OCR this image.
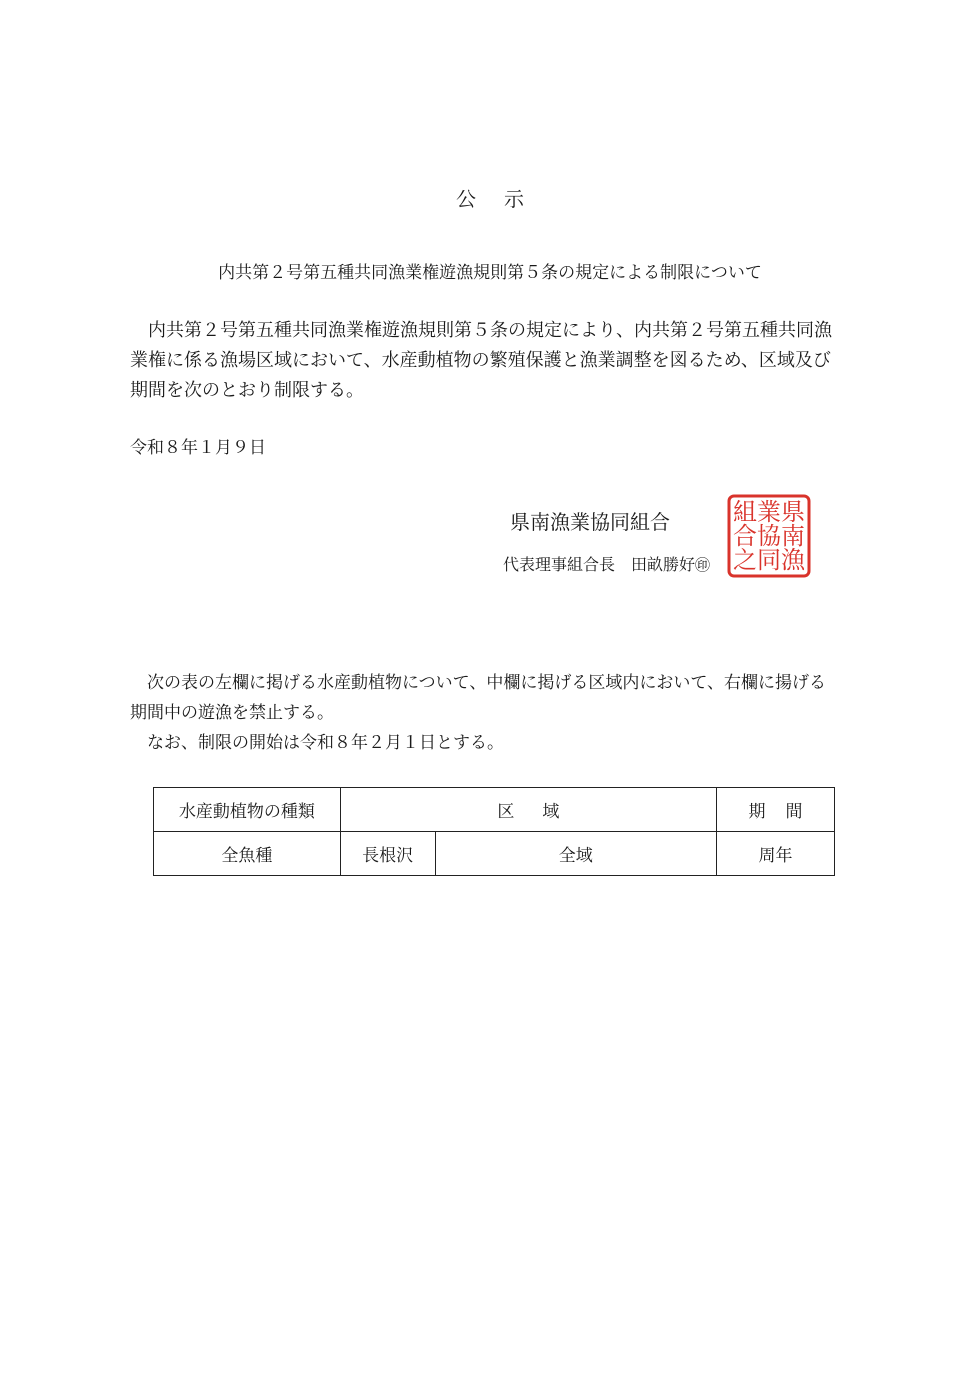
公示
内共第２号第五種共同漁業権遊漁規則第５条の規定による制限について
内共第２号第五種共同漁業権遊漁規則第５条の規定により、内共第２号第五種共同漁業権に係る漁場区域において、水産動植物の繁殖保護と漁業調整を図るため、区域及び期間を次のとおり制限する。
令和８年１月９日
県南漁業協同組合
代表理事組合長　田畝勝好㊞
県
南
漁
業
協
同
組
合
之

次の表の左欄に掲げる水産動植物について、中欄に掲げる区域内において、右欄に揚げる期間中の遊漁を禁止する。

なお、制限の開始は令和８年２月１日とする。

水産動植物の種類	区域		期間
全魚種	長根沢	全域	周年
